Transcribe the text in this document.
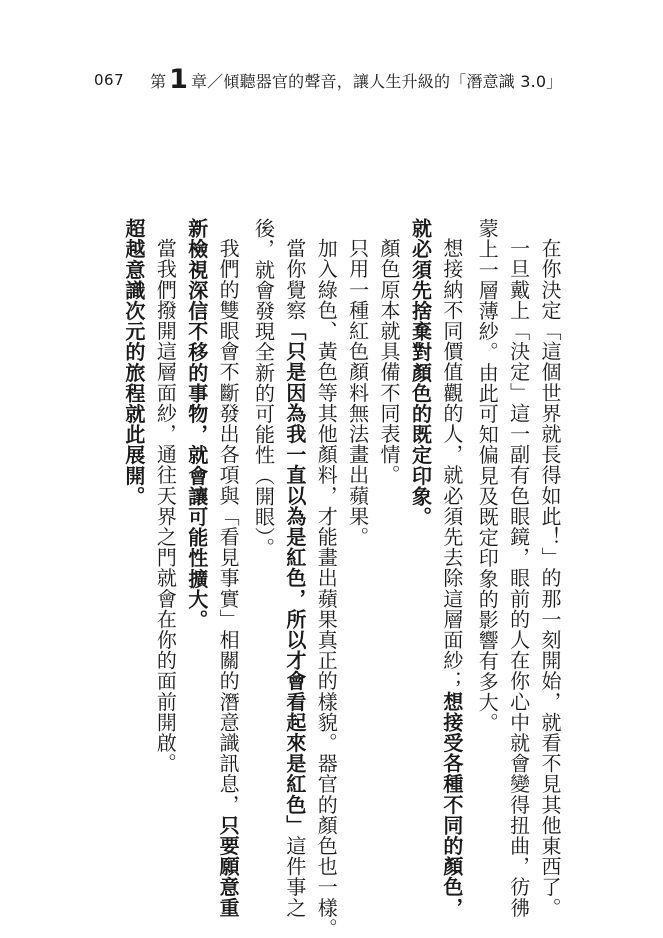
067 第 1 章／傾聽器官的聲音，讓人生升級的「潛意識 3.0」
在你決定「這個世界就長得如此！」的那一刻開始，就看不見其他東西了。
一旦戴上「決定」這一副有色眼鏡，眼前的人在你心中就會變得扭曲，彷彿
蒙上一層薄紗。由此可知偏見及既定印象的影響有多大。
想接納不同價值觀的人，就必須先去除這層面紗；想接受各種不同的顏色，
就必須先捨棄對顏色的既定印象。
顏色原本就具備不同表情。
只用一種紅色顏料無法畫出蘋果。
加入綠色、黃色等其他顏料，才能畫出蘋果真正的樣貌。器官的顏色也一樣。
當你覺察「只是因為我一直以為是紅色，所以才會看起來是紅色」這件事之
後，就會發現全新的可能性（開眼）。
我們的雙眼會不斷發出各項與「看見事實」相關的潛意識訊息，只要願意重
新檢視深信不移的事物，就會讓可能性擴大。
當我們撥開這層面紗，通往天界之門就會在你的面前開啟。
超越意識次元的旅程就此展開。
